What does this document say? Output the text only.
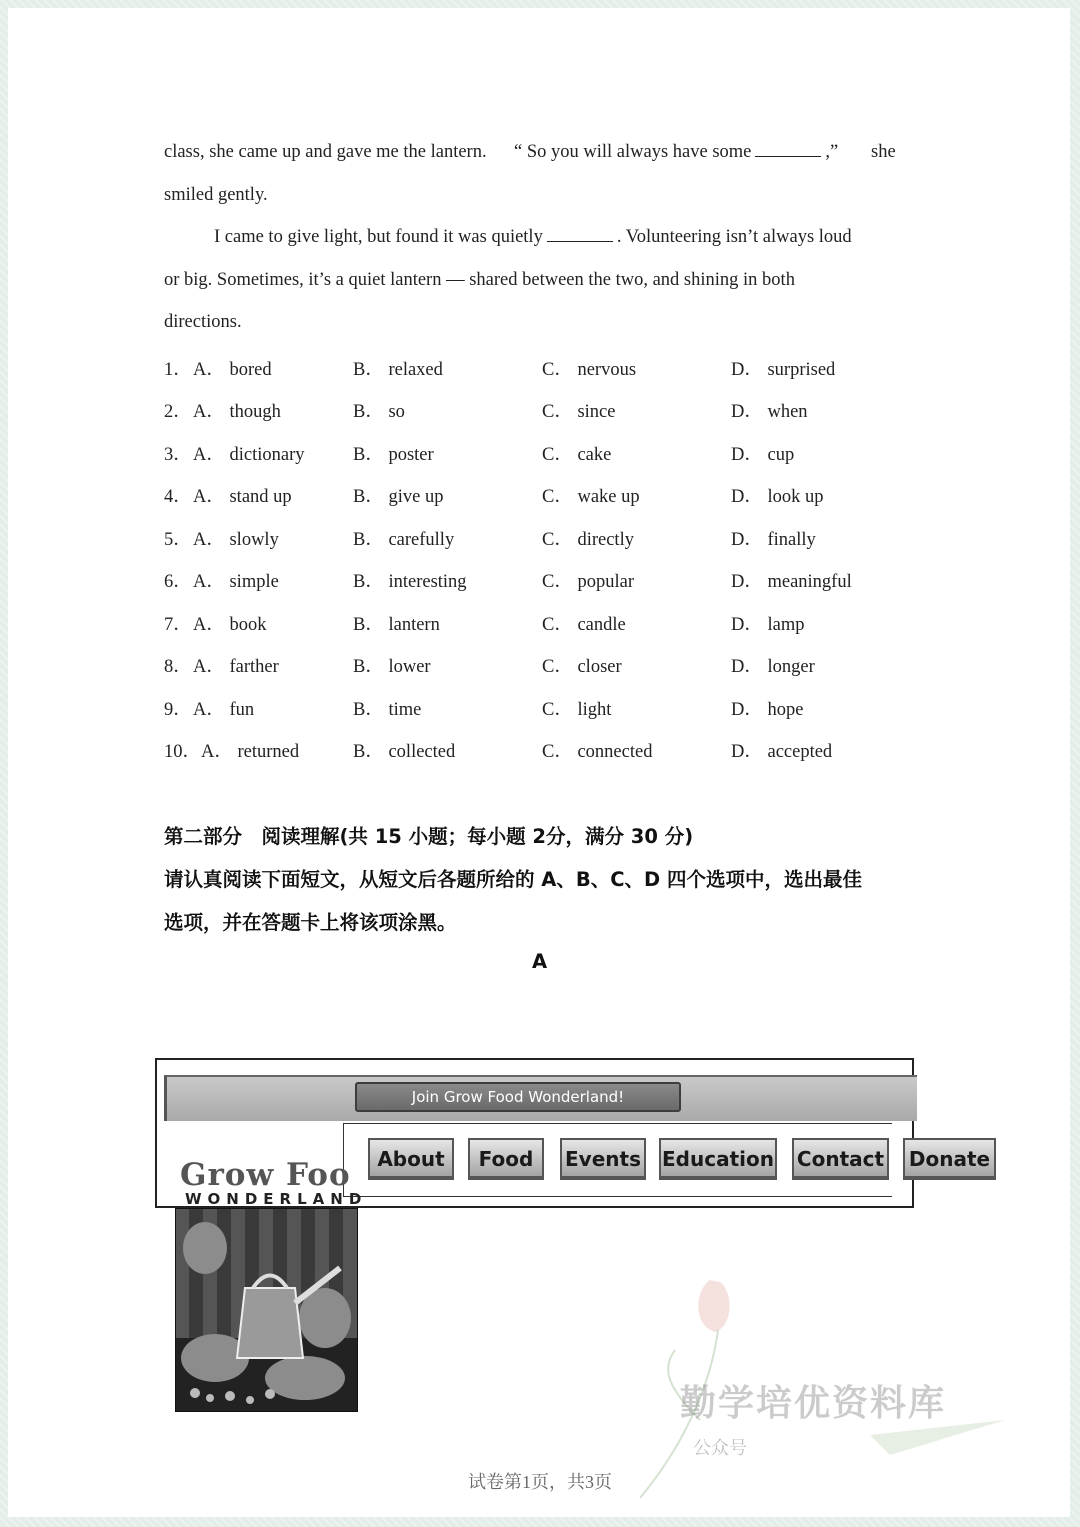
class, she came up and gave me the lantern. “ So you will always have some	,” she
smiled gently.
I came to give light, but found it was quietly	. Volunteering isn’t always loud
or big. Sometimes, it’s a quiet lantern — shared between the two, and shining in both
directions.
1． A． bored	B． relaxed	C． nervous	D． surprised
2． A． though	B． so	C． since	D． when
3． A． dictionary	B． poster	C． cake	D． cup
4． A． stand up	B． give up	C． wake up	D． look up
5． A． slowly	B． carefully	C． directly	D． finally
6． A． simple	B． interesting	C． popular	D． meaningful
7． A． book	B． lantern	C． candle	D． lamp
8． A． farther	B． lower	C． closer	D． longer
9． A． fun	B． time	C． light	D． hope
10． A． returned	B． collected	C． connected	D． accepted
第二部分　阅读理解(共 15 小题；每小题 2分，满分 30 分)
请认真阅读下面短文，从短文后各题所给的 A、B、C、D 四个选项中，选出最佳
选项，并在答题卡上将该项涂黑。
A
Join Grow Food Wonderland!
About	Food	Events Education Contact Donate
Grow Foo
WONDERLAND
勤学培优资料库
公众号
试卷第1页，共3页
